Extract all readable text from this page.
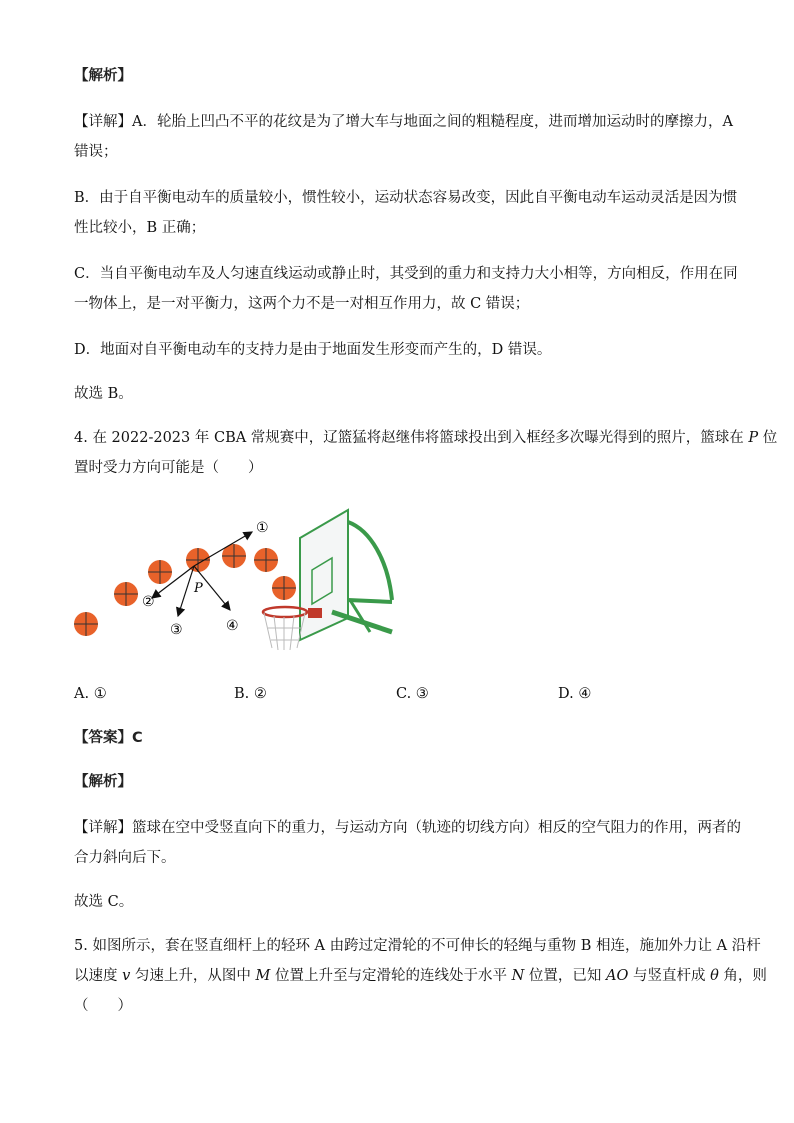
【解析】
【详解】A．轮胎上凹凸不平的花纹是为了增大车与地面之间的粗糙程度，进而增加运动时的摩擦力，A
错误；
B．由于自平衡电动车的质量较小，惯性较小，运动状态容易改变，因此自平衡电动车运动灵活是因为惯
性比较小，B 正确；
C．当自平衡电动车及人匀速直线运动或静止时，其受到的重力和支持力大小相等，方向相反，作用在同
一物体上，是一对平衡力，这两个力不是一对相互作用力，故 C 错误；
D．地面对自平衡电动车的支持力是由于地面发生形变而产生的，D 错误。
故选 B。
4. 在 2022-2023 年 CBA 常规赛中，辽篮猛将赵继伟将篮球投出到入框经多次曝光得到的照片，篮球在 P 位
置时受力方向可能是（　　）
P
①
②
③	④
A. ①	B. ②	C. ③	D. ④
【答案】C
【解析】
【详解】篮球在空中受竖直向下的重力，与运动方向（轨迹的切线方向）相反的空气阻力的作用，两者的
合力斜向后下。
故选 C。
5. 如图所示，套在竖直细杆上的轻环 A 由跨过定滑轮的不可伸长的轻绳与重物 B 相连，施加外力让 A 沿杆
以速度 v 匀速上升，从图中 M 位置上升至与定滑轮的连线处于水平 N 位置，已知 AO 与竖直杆成 θ 角，则
（　　）
